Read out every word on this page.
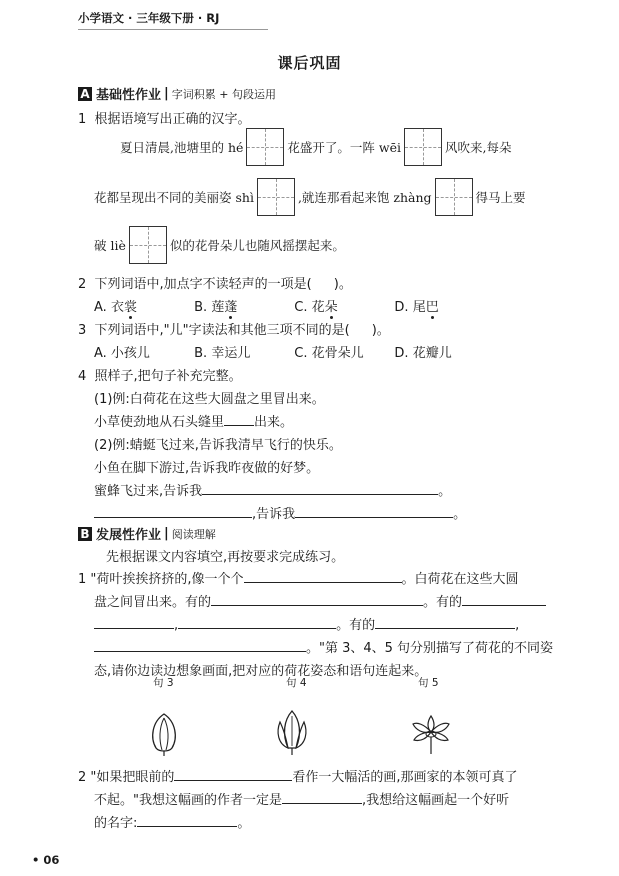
小学语文 · 三年级下册 · RJ
课后巩固
A 基础性作业 | 字词积累 + 句段运用
1 根据语境写出正确的汉字。
夏日清晨,池塘里的 hé	花盛开了。一阵 wēi	风吹来,每朵
花都呈现出不同的美丽姿 shì	,就连那看起来饱 zhàng	得马上要
破 liè	似的花骨朵儿也随风摇摆起来。
2 下列词语中,加点字不读轻声的一项是( )。
A. 衣裳	B. 莲蓬	C. 花朵	D. 尾巴
3 下列词语中,"儿"字读法和其他三项不同的是( )。
A. 小孩儿	B. 幸运儿	C. 花骨朵儿 D. 花瓣儿
4 照样子,把句子补充完整。
(1)例:白荷花在这些大圆盘之里冒出来。
小草使劲地从石头缝里 出来。
(2)例:蜻蜓飞过来,告诉我清早飞行的快乐。
小鱼在脚下游过,告诉我昨夜做的好梦。
蜜蜂飞过来,告诉我	。
,告诉我	。
B 发展性作业 | 阅读理解
先根据课文内容填空,再按要求完成练习。
1 "荷叶挨挨挤挤的,像一个个	。白荷花在这些大圆
盘之间冒出来。有的	。有的
,	。有的	,
。"第 3、4、5 句分别描写了荷花的不同姿
态,请你边读边想象画面,把对应的荷花姿态和语句连起来。
句 3	句 4	句 5
2 "如果把眼前的	看作一大幅活的画,那画家的本领可真了
不起。"我想这幅画的作者一定是	,我想给这幅画起一个好听
的名字:	。
• 06
